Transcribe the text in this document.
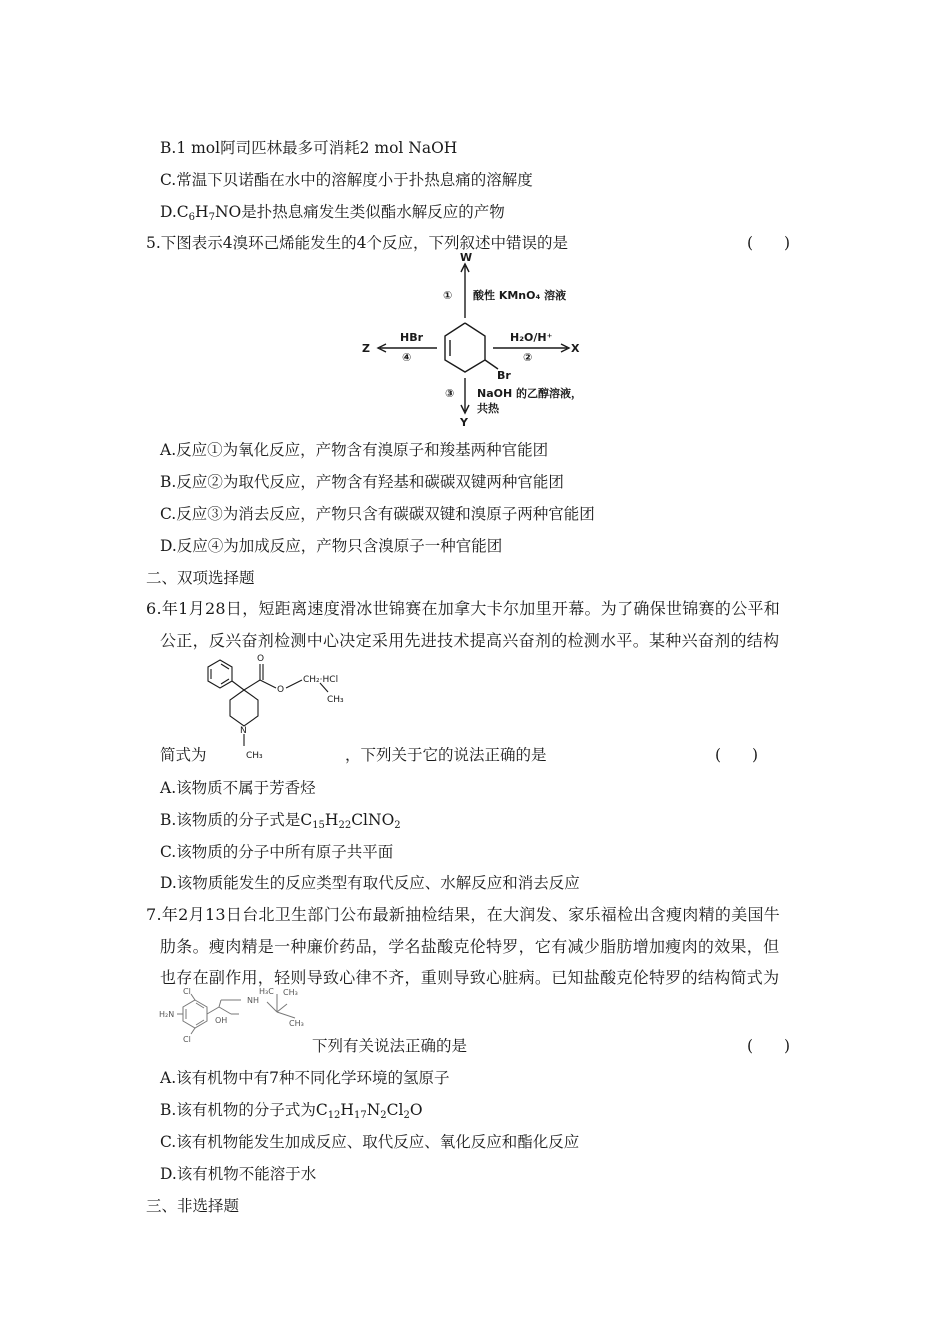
B.1 mol阿司匹林最多可消耗2 mol NaOH
C.常温下贝诺酯在水中的溶解度小于扑热息痛的溶解度
$D.C_6H_7NO$是扑热息痛发生类似酯水解反应的产物
5.下图表示4溴环己烯能发生的4个反应，下列叙述中错误的是	(　　)
W
① 酸性 KMnO₄ 溶液
H₂O/H⁺
②
X
HBr
④
Z
Br
③ NaOH 的乙醇溶液，
共热
Y
A.反应①为氧化反应，产物含有溴原子和羧基两种官能团
B.反应②为取代反应，产物含有羟基和碳碳双键两种官能团
C.反应③为消去反应，产物只含有碳碳双键和溴原子两种官能团
D.反应④为加成反应，产物只含溴原子一种官能团
二、双项选择题
6.年1月28日，短距离速度滑冰世锦赛在加拿大卡尔加里开幕。为了确保世锦赛的公平和
公正，反兴奋剂检测中心决定采用先进技术提高兴奋剂的检测水平。某种兴奋剂的结构
O
O
CH₂·HCl
CH₃
N
CH₃
简式为	，下列关于它的说法正确的是	(　　)
A.该物质不属于芳香烃
B.该物质的分子式是$C_{15}H_{22}ClNO_2$
C.该物质的分子中所有原子共平面
D.该物质能发生的反应类型有取代反应、水解反应和消去反应
7.年2月13日台北卫生部门公布最新抽检结果，在大润发、家乐福检出含瘦肉精的美国牛
肋条。瘦肉精是一种廉价药品，学名盐酸克伦特罗，它有减少脂肪增加瘦肉的效果，但
也存在副作用，轻则导致心律不齐，重则导致心脏病。已知盐酸克伦特罗的结构简式为
Cl
Cl
H₂N
OH
NH
H₃C CH₃
CH₃
下列有关说法正确的是	(　　)
A.该有机物中有7种不同化学环境的氢原子
B.该有机物的分子式为$C_{12}H_{17}N_2Cl_2O$
C.该有机物能发生加成反应、取代反应、氧化反应和酯化反应
D.该有机物不能溶于水
三、非选择题
